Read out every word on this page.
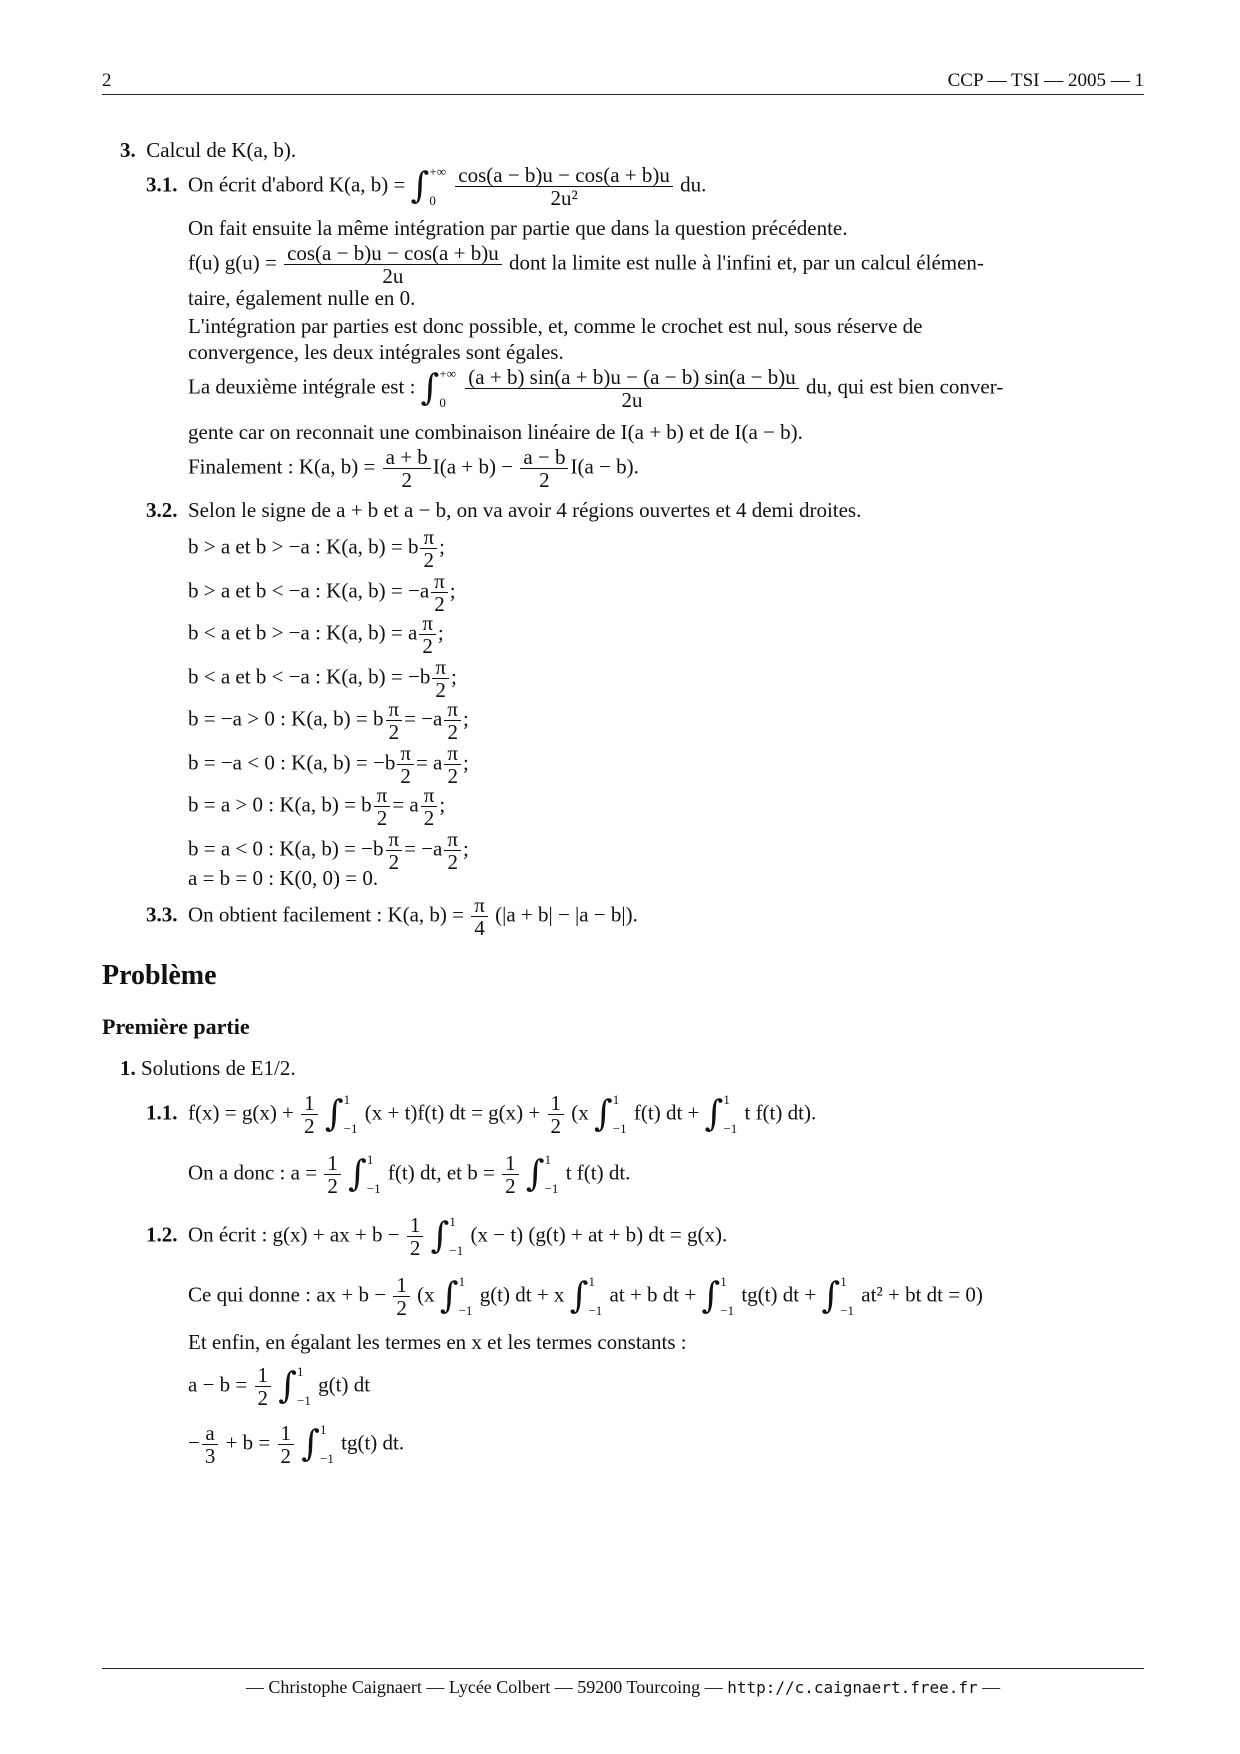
2	CCP — TSI — 2005 — 1
3. Calcul de K(a, b).
3.1. On écrit d'abord K(a, b) = ∫ +∞
0
$\frac{\cos(a - b)u - \cos(a + b)u}{\text{2u²}}$ du.
On fait ensuite la même intégration par partie que dans la question précédente.
f(u) $g(u) = \frac{\cos(a - b)u - \cos(a + b)u}{2u}$ dont la limite est nulle à l'infini et, par un calcul élémen-
taire, également nulle en 0.
L'intégration par parties est donc possible, et, comme le crochet est nul, sous réserve de
convergence, les deux intégrales sont égales.
La deuxième intégrale est : ∫ +∞
0
$\frac{(a + b) \sin(a + b)u - (a - b) \sin(a - b)u}{2u}$ du, qui est bien conver-
gente car on reconnait une combinaison linéaire de I(a + b) et de I(a − b).
Finalement : K(a, $b) = \frac{a + b}{2} I(a + b) - \frac{a - b}{2} I(a - b)$.
3.2. Selon le signe de a + b et a − b, on va avoir 4 régions ouvertes et 4 demi droites.
b > a et b > −a : K(a, b) = b $\frac{\pi}{2}$ ;
b > a et b < −a : K(a, $b) = -a \frac{\pi}{2}$ ;
b < a et b > −a : K(a, b) = a $\frac{\pi}{2}$ ;
b < a et b < −a : K(a, $b) = -b \frac{\pi}{2}$ ;
b = −a > 0 : K(a, b) = b $\frac{\pi}{2} = -a \frac{\pi}{2}$ ;
b = −a < 0 : K(a, $b) = -b \frac{\pi}{2} = a \frac{\pi}{2}$ ;
b = a > 0 : K(a, b) = b $\frac{\pi}{2} = a \frac{\pi}{2}$ ;
b = a < 0 : K(a, $b) = -b \frac{\pi}{2} = -a \frac{\pi}{2}$ ;
a = b = 0 : K(0, 0) = 0.
3.3. On obtient facilement : K(a, $b) = \frac{\pi}{4} (|a + b| - |a - b|)$.
Problème
Première partie
1. Solutions de E1/2.
1.1. $f(x) = g(x) + \frac{1}{2}$ ∫ 1
−1
(x + t)f(t) dt = $g(x) + \frac{1}{2} (x$ ∫ 1
−1
f(t) dt + ∫ 1
−1
t f(t) dt).
On a donc : $a = \frac{1}{2}$ ∫ 1
−1
f(t) dt, et $b = \frac{1}{2}$ ∫ 1
−1
t f(t) dt.
1.2. On écrit : g(x) + ax + $b - \frac{1}{2}$ ∫ 1
−1
(x − t) (g(t) + at + b) dt = g(x).
Ce qui donne : ax + $b - \frac{1}{2} (x$ ∫ 1
−1
g(t) dt + x ∫ 1
−1
at + b dt + ∫ 1
−1
tg(t) dt + ∫ 1
−1
at² + bt dt = 0)
Et enfin, en égalant les termes en x et les termes constants :
$a - b = \frac{1}{2}$ ∫ 1
−1
g(t) dt
− $\frac{a}{3} + b = \frac{1}{2}$ ∫ 1
−1
tg(t) dt.
— Christophe Caignaert — Lycée Colbert — 59200 Tourcoing — http://c.caignaert.free.fr —
